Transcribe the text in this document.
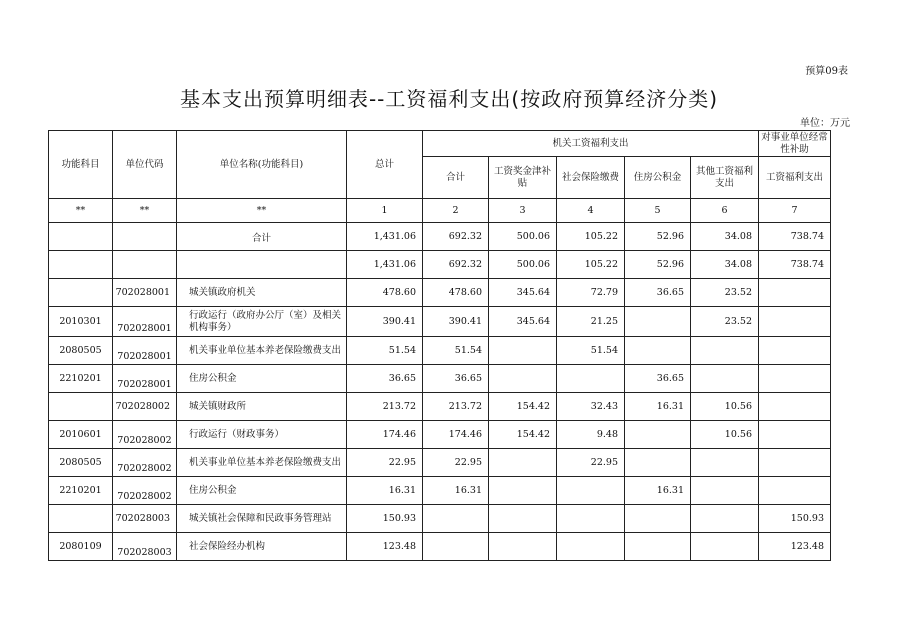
预算09表
基本支出预算明细表--工资福利支出(按政府预算经济分类)
单位：万元
功能科目	单位代码	单位名称(功能科目)	总计	机关工资福利支出					对事业单位经常性补助
				合计	工资奖金津补贴	社会保险缴费	住房公积金	其他工资福利支出	工资福利支出
**	**	**	1	2	3	4	5	6	7
		合计	1,431.06	692.32	500.06	105.22	52.96	34.08	738.74
			1,431.06	692.32	500.06	105.22	52.96	34.08	738.74
	702028001	城关镇政府机关	478.60	478.60	345.64	72.79	36.65	23.52	
2010301	702028001	行政运行（政府办公厅（室）及相关机构事务）	390.41	390.41	345.64	21.25		23.52	
2080505	702028001	机关事业单位基本养老保险缴费支出	51.54	51.54		51.54			
2210201	702028001	住房公积金	36.65	36.65			36.65		
	702028002	城关镇财政所	213.72	213.72	154.42	32.43	16.31	10.56	
2010601	702028002	行政运行（财政事务）	174.46	174.46	154.42	9.48		10.56	
2080505	702028002	机关事业单位基本养老保险缴费支出	22.95	22.95		22.95			
2210201	702028002	住房公积金	16.31	16.31			16.31		
	702028003	城关镇社会保障和民政事务管理站	150.93						150.93
2080109	702028003	社会保险经办机构	123.48						123.48
